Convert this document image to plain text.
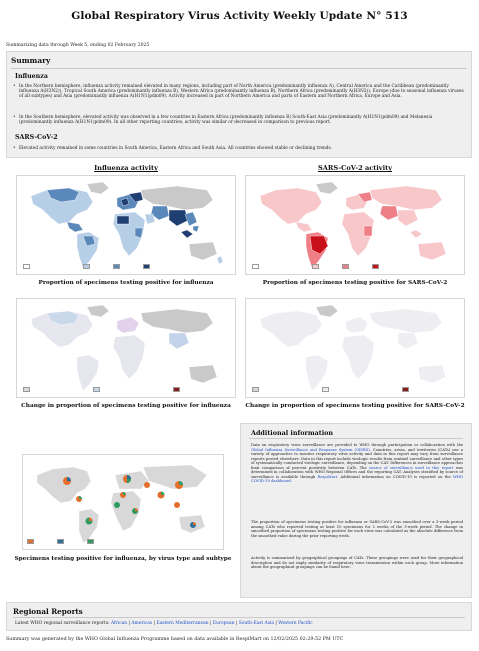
Global Respiratory Virus Activity Weekly Update N° 513
Summarizing data through Week 5, ending 02 February 2025
Summary
Influenza
• In the Northern hemisphere, influenza activity remained elevated in many regions, including part of North America (predominantly influenza A), Central America and the Caribbean (predominantly influenza A(H3N2)), Tropical South America (predominantly influenza B), Western Africa (predominantly influenza B), Northern Africa (predominantly A(H3N2)), Europe (due to seasonal influenza viruses of all subtypes) and Asia (predominantly influenza A(H1N1)pdm09). Activity increased in part of Northern America and parts of Eastern and Northern Africa, Europe and Asia.
• In the Southern hemisphere, elevated activity was observed in a few countries in Eastern Africa (predominantly influenza B) South-East Asia (predominantly A(H1N1)pdm09) and Melanesia (predominantly influenza A(H1N1)pdm09). In all other reporting countries, activity was similar or decreased in comparison to previous report.
SARS-CoV-2
• Elevated activity remained in some countries in South America, Eastern Africa and South Asia. All countries showed stable or declining trends.
Influenza activity	SARS-CoV-2 activity
Proportion of specimens testing positive for influenza	Proportion of specimens testing positive for SARS-CoV-2
Change in proportion of specimens testing positive for influenza	Change in proportion of specimens testing positive for SARS-CoV-2
Specimens testing positive for influenza, by virus type and subtype
Additional information
Data on respiratory virus surveillance are provided to WHO through participation or collaboration with the Global Influenza Surveillance and Response System (GISRS). Countries, areas, and territories (CATs) use a variety of approaches to monitor respiratory virus activity and data in this report may vary from surveillance reports posted elsewhere. Data in this report include virologic results from sentinel surveillance and other types of systematically conducted virologic surveillance, depending on the CAT. Differences in surveillance approaches limit comparison of percent positivity between CATs. The source of surveillance used in this report was determined in collaboration with WHO Regional Offices and the reporting CAT. Analyses stratified by source of surveillance is available through RespiMart. Additional information on COVID-19 is reported on the WHO COVID-19 dashboard.
The proportion of specimens testing positive for influenza or SARS-CoV-2 was smoothed over a 3-week period among CATs who reported testing at least 10 specimens for 2 weeks of the 3-week period. The change in smoothed proportion of specimens testing positive for each virus was calculated as the absolute difference from the smoothed value during the prior reporting week.
Activity is summarized by geographical groupings of CATs. These groupings were used for their geographical description and do not imply similarity of respiratory virus transmission within each group. More information about the geographical groupings can be found here.
Regional Reports
Latest WHO regional surveillance reports: African | Americas | Eastern Mediterranean | European | South-East Asia | Western Pacific
Summary was generated by the WHO Global Influenza Programme based on data available in RespiMart on 12/02/2025 02:29:52 PM UTC
